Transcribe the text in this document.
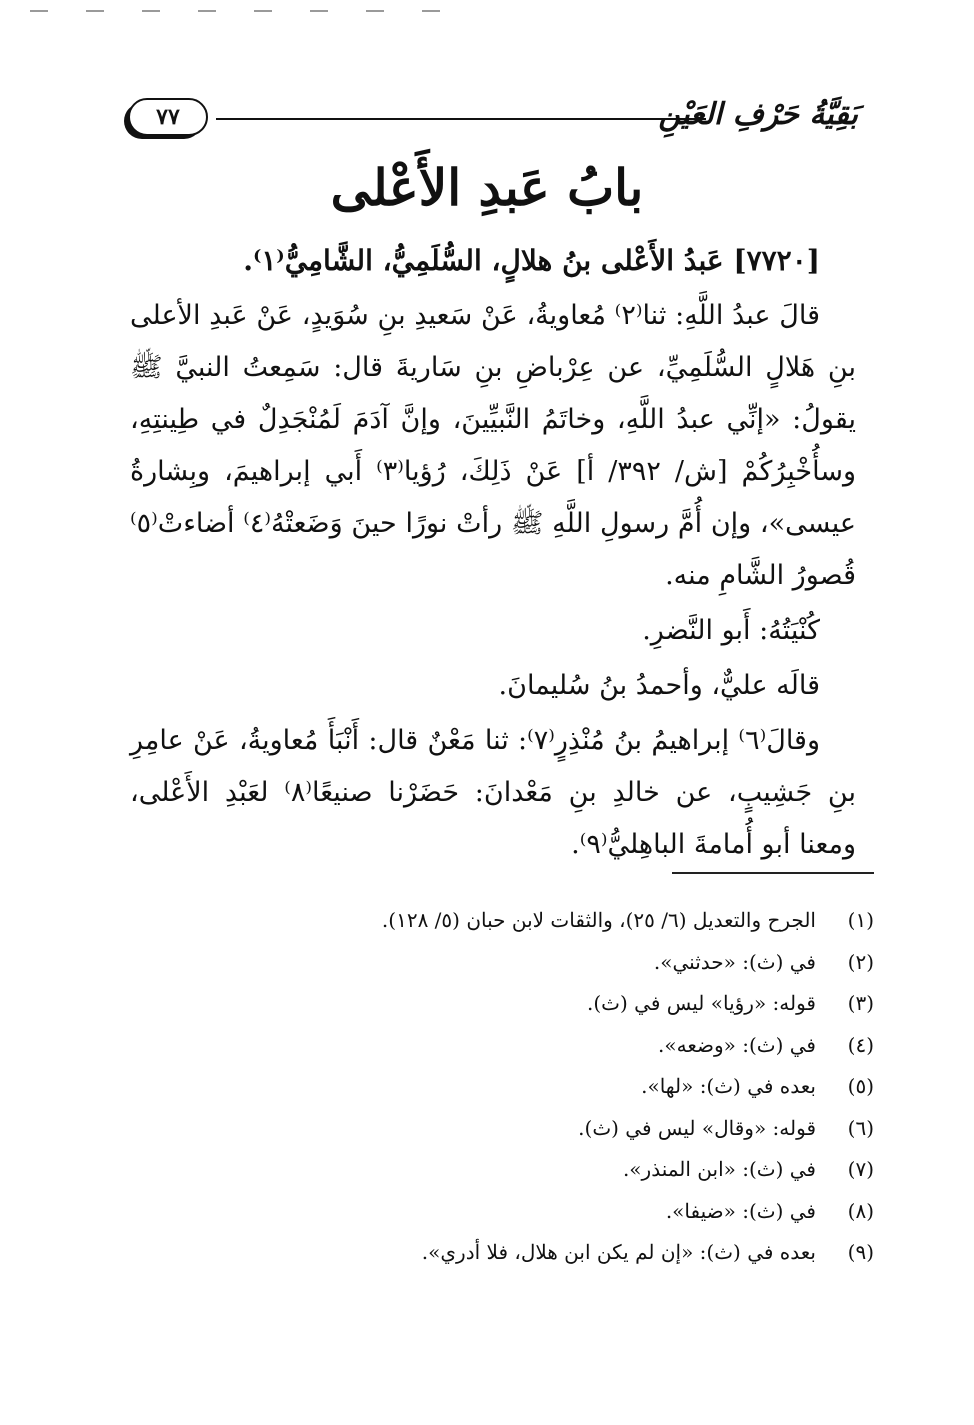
بَقِيَّةُ حَرْفِ العَيْنِ
٧٧
بابُ عَبدِ الأَعْلى

[٧٧٢٠] عَبدُ الأَعْلى بنُ هلالٍ، السُّلَمِيُّ، الشَّامِيُّ⁽١⁾.

قالَ عبدُ اللَّهِ: ثنا⁽٢⁾ مُعاويةُ، عَنْ سَعيدِ بنِ سُوَيدٍ، عَنْ عَبدِ الأعلى بنِ هَلالٍ السُّلَمِيِّ، عن عِرْباضِ بنِ سَاريةَ قال: سَمِعتُ النبيَّ ﷺ يقولُ: «إنِّي عبدُ اللَّهِ، وخاتَمُ النَّبيِّينَ، وإنَّ آدَمَ لَمُنْجَدِلٌ في طِينتِهِ، وسأُخْبِرُكُمْ [ش/ ٣٩٢/ أ] عَنْ ذَلِكَ، رُؤيا⁽٣⁾ أَبي إبراهيمَ، وبِشارةُ عيسى»، وإن أُمَّ رسولِ اللَّهِ ﷺ رأتْ نورًا حينَ وَضَعتْهُ⁽٤⁾ أضاءتْ⁽٥⁾ قُصورُ الشَّامِ منه.

كُنْيَتُهُ: أَبو النَّضرِ.

قالَه عليٌّ، وأحمدُ بنُ سُليمانَ.

وقالَ⁽٦⁾ إبراهيمُ بنُ مُنْذِرٍ⁽٧⁾: ثنا مَعْنٌ قال: أَنْبَأَ مُعاويةُ، عَنْ عامِرِ بنِ جَشِيبٍ، عن خالدِ بنِ مَعْدانَ: حَضَرْنا صنيعًا⁽٨⁾ لعَبْدِ الأَعْلى، ومعنا أبو أُمامةَ الباهِليُّ⁽٩⁾.

(١)
الجرح والتعديل (٦/ ٢٥)، والثقات لابن حبان (٥/ ١٢٨).
(٢)
في (ث): «حدثني».
(٣)
قوله: «رؤيا» ليس في (ث).
(٤)
في (ث): «وضعه».
(٥)
بعده في (ث): «لها».
(٦)
قوله: «وقال» ليس في (ث).
(٧)
في (ث): «ابن المنذر».
(٨)
في (ث): «ضيفا».
(٩)
بعده في (ث): «إن لم يكن ابن هلال، فلا أدري».
